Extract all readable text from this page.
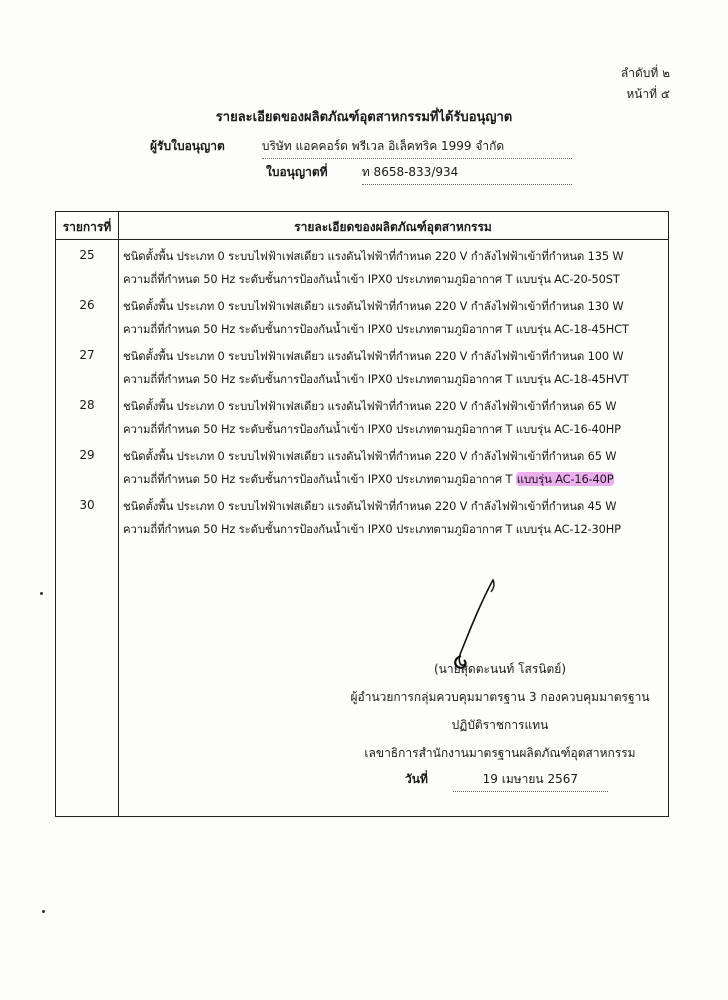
ลำดับที่ ๒
หน้าที่ ๕
รายละเอียดของผลิตภัณฑ์อุตสาหกรรมที่ได้รับอนุญาต
ผู้รับใบอนุญาต	บริษัท แอคคอร์ด พรีเวล อิเล็คทริค 1999 จำกัด
ใบอนุญาตที่	ท 8658-833/934
รายการที่	รายละเอียดของผลิตภัณฑ์อุตสาหกรรม
25	ชนิดตั้งพื้น ประเภท 0 ระบบไฟฟ้าเฟสเดียว แรงดันไฟฟ้าที่กำหนด 220 V กำลังไฟฟ้าเข้าที่กำหนด 135 W
ความถี่ที่กำหนด 50 Hz ระดับชั้นการป้องกันน้ำเข้า IPX0 ประเภทตามภูมิอากาศ T แบบรุ่น AC-20-50ST
26	ชนิดตั้งพื้น ประเภท 0 ระบบไฟฟ้าเฟสเดียว แรงดันไฟฟ้าที่กำหนด 220 V กำลังไฟฟ้าเข้าที่กำหนด 130 W
ความถี่ที่กำหนด 50 Hz ระดับชั้นการป้องกันน้ำเข้า IPX0 ประเภทตามภูมิอากาศ T แบบรุ่น AC-18-45HCT
27	ชนิดตั้งพื้น ประเภท 0 ระบบไฟฟ้าเฟสเดียว แรงดันไฟฟ้าที่กำหนด 220 V กำลังไฟฟ้าเข้าที่กำหนด 100 W
ความถี่ที่กำหนด 50 Hz ระดับชั้นการป้องกันน้ำเข้า IPX0 ประเภทตามภูมิอากาศ T แบบรุ่น AC-18-45HVT
28	ชนิดตั้งพื้น ประเภท 0 ระบบไฟฟ้าเฟสเดียว แรงดันไฟฟ้าที่กำหนด 220 V กำลังไฟฟ้าเข้าที่กำหนด 65 W
ความถี่ที่กำหนด 50 Hz ระดับชั้นการป้องกันน้ำเข้า IPX0 ประเภทตามภูมิอากาศ T แบบรุ่น AC-16-40HP
29	ชนิดตั้งพื้น ประเภท 0 ระบบไฟฟ้าเฟสเดียว แรงดันไฟฟ้าที่กำหนด 220 V กำลังไฟฟ้าเข้าที่กำหนด 65 W
ความถี่ที่กำหนด 50 Hz ระดับชั้นการป้องกันน้ำเข้า IPX0 ประเภทตามภูมิอากาศ T แบบรุ่น AC-16-40P
30	ชนิดตั้งพื้น ประเภท 0 ระบบไฟฟ้าเฟสเดียว แรงดันไฟฟ้าที่กำหนด 220 V กำลังไฟฟ้าเข้าที่กำหนด 45 W
ความถี่ที่กำหนด 50 Hz ระดับชั้นการป้องกันน้ำเข้า IPX0 ประเภทตามภูมิอากาศ T แบบรุ่น AC-12-30HP
(นายสุดตะนนท์ โสรนิตย์)
ผู้อำนวยการกลุ่มควบคุมมาตรฐาน 3 กองควบคุมมาตรฐาน
ปฏิบัติราชการแทน
เลขาธิการสำนักงานมาตรฐานผลิตภัณฑ์อุตสาหกรรม
วันที่	19 เมษายน 2567
